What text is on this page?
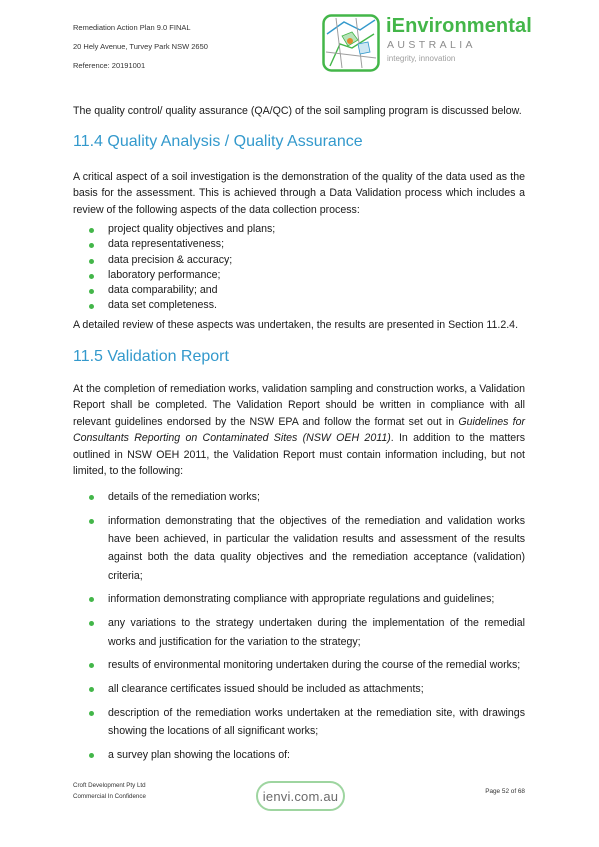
Remediation Action Plan 9.0 FINAL
20 Hely Avenue, Turvey Park NSW 2650
Reference: 20191001
iEnvironmental
AUSTRALIA
integrity, innovation

The quality control/ quality assurance (QA/QC) of the soil sampling program is discussed below.

11.4 Quality Analysis / Quality Assurance

A critical aspect of a soil investigation is the demonstration of the quality of the data used as the basis for the assessment. This is achieved through a Data Validation process which includes a review of the following aspects of the data collection process:

project quality objectives and plans;
data representativeness;
data precision & accuracy;
laboratory performance;
data comparability; and
data set completeness.

A detailed review of these aspects was undertaken, the results are presented in Section 11.2.4.

11.5 Validation Report

At the completion of remediation works, validation sampling and construction works, a Validation Report shall be completed. The Validation Report should be written in compliance with all relevant guidelines endorsed by the NSW EPA and follow the format set out in Guidelines for Consultants Reporting on Contaminated Sites (NSW OEH 2011). In addition to the matters outlined in NSW OEH 2011, the Validation Report must contain information including, but not limited, to the following:

details of the remediation works;
information demonstrating that the objectives of the remediation and validation works have been achieved, in particular the validation results and assessment of the results against both the data quality objectives and the remediation acceptance (validation) criteria;
information demonstrating compliance with appropriate regulations and guidelines;
any variations to the strategy undertaken during the implementation of the remedial works and justification for the variation to the strategy;
results of environmental monitoring undertaken during the course of the remedial works;
all clearance certificates issued should be included as attachments;
description of the remediation works undertaken at the remediation site, with drawings showing the locations of all significant works;
a survey plan showing the locations of:
Croft Development Pty Ltd
Commercial In Confidence	ienvi.com.au	Page 52 of 68
